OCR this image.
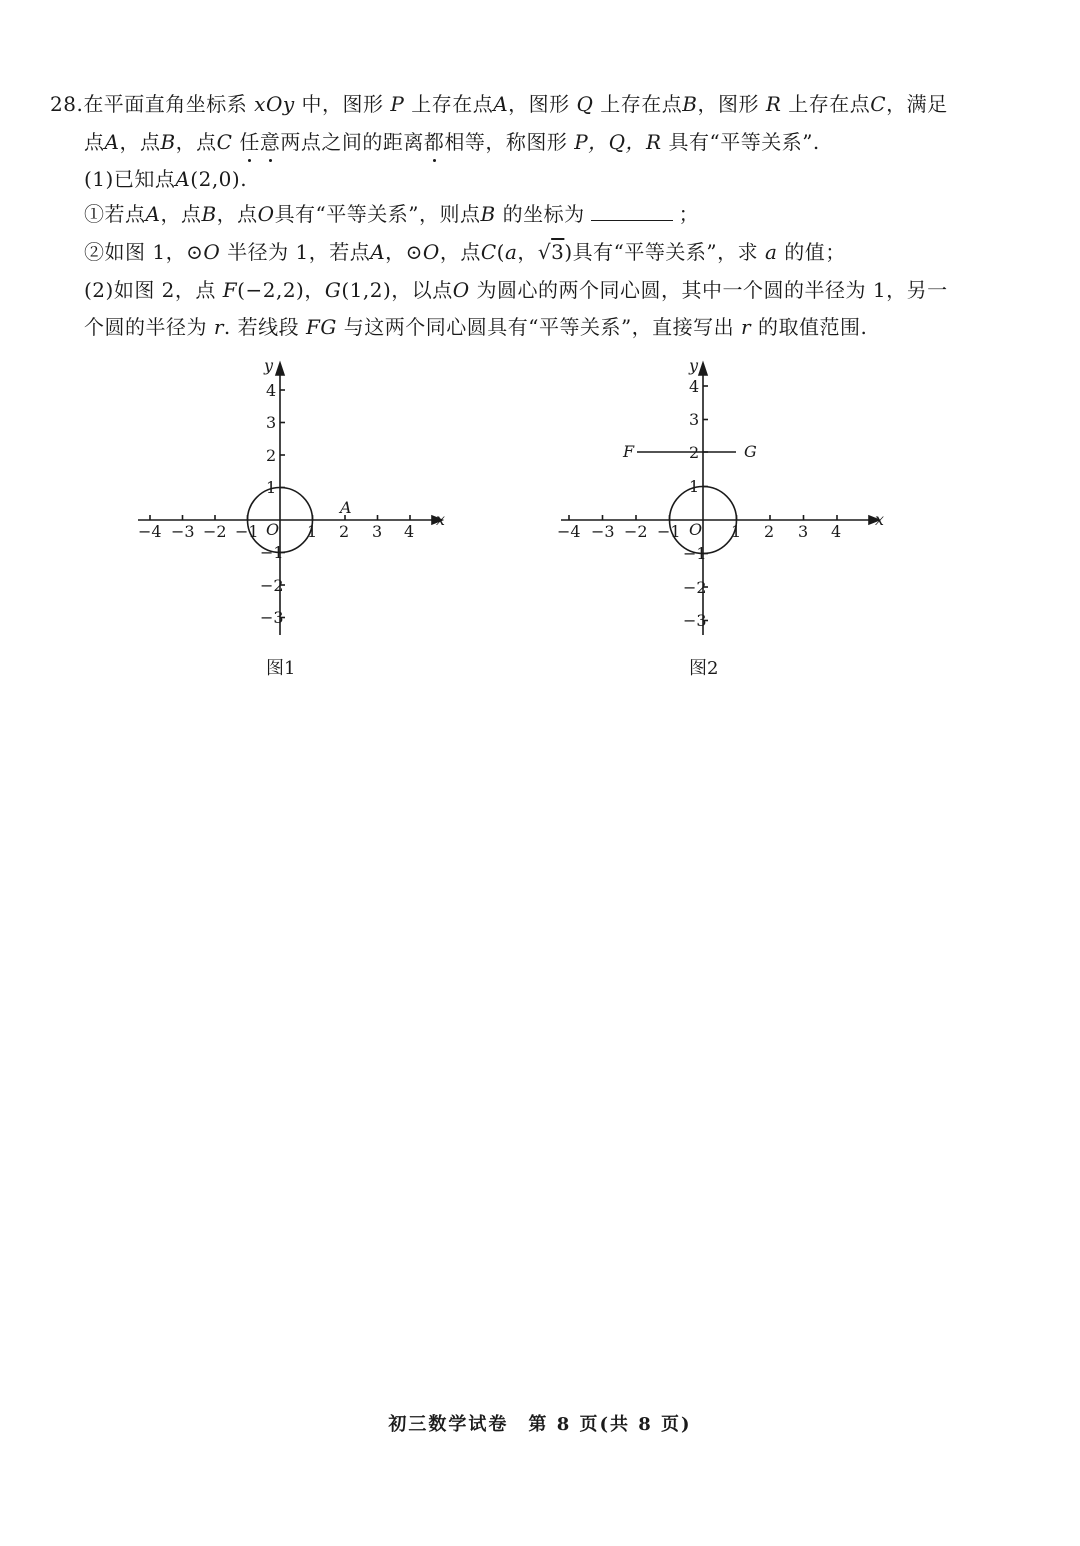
28.在平面直角坐标系 xOy 中，图形 P 上存在点A，图形 Q 上存在点B，图形 R 上存在点C，满足
点A，点B，点C 任意两点之间的距离都相等，称图形 P，Q，R 具有“平等关系”.
(1)已知点A(2,0).
①若点A，点B，点O具有“平等关系”，则点B 的坐标为	；
②如图 1，⊙O 半径为 1，若点A，⊙O，点C(a，√3)具有“平等关系”，求 a 的值；
(2)如图 2，点 F(−2,2)，G(1,2)，以点O 为圆心的两个同心圆，其中一个圆的半径为 1，另一
个圆的半径为 r. 若线段 FG 与这两个同心圆具有“平等关系”，直接写出 r 的取值范围.
x
y
O
A
−4 −3 −2 −1	1 2 3 4
4
3
2
1
−1
−2
−3
图1
x
y
O
F	G
−4 −3 −2 −1	1 2 3 4
4
3
2
1
−1
−2
−3
图2
初三数学试卷　第 8 页(共 8 页)
